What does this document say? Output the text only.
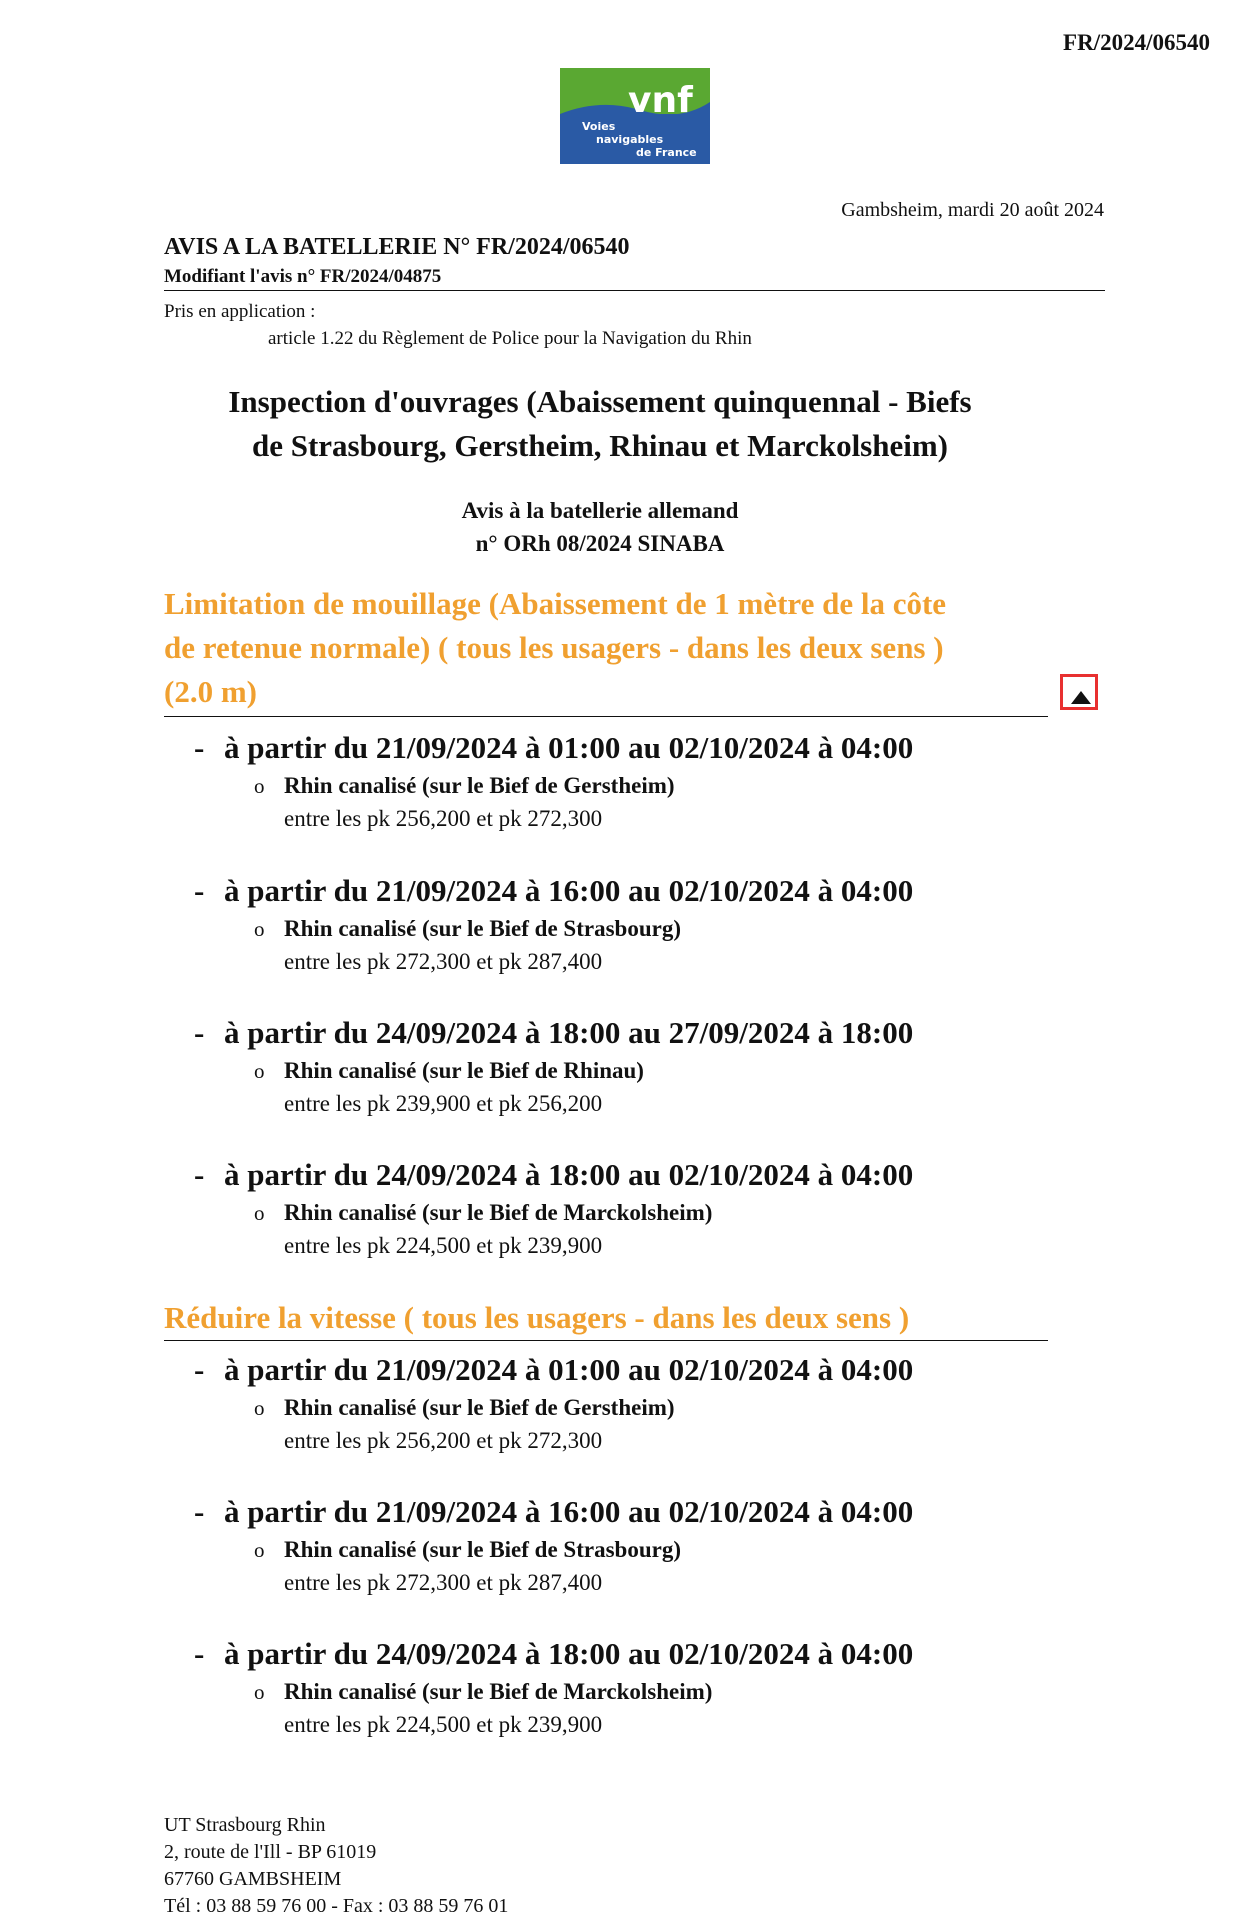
FR/2024/06540
vnf
Voies
navigables
de France
Gambsheim, mardi 20 août 2024
AVIS A LA BATELLERIE N° FR/2024/06540
Modifiant l'avis n° FR/2024/04875
Pris en application :
article 1.22 du Règlement de Police pour la Navigation du Rhin
Inspection d'ouvrages (Abaissement quinquennal - Biefs
de Strasbourg, Gerstheim, Rhinau et Marckolsheim)
Avis à la batellerie allemand
n° ORh 08/2024 SINABA
Limitation de mouillage (Abaissement de 1 mètre de la côte
de retenue normale) ( tous les usagers - dans les deux sens )
(2.0 m)
- à partir du 21/09/2024 à 01:00 au 02/10/2024 à 04:00
o Rhin canalisé (sur le Bief de Gerstheim)
entre les pk 256,200 et pk 272,300
- à partir du 21/09/2024 à 16:00 au 02/10/2024 à 04:00
o Rhin canalisé (sur le Bief de Strasbourg)
entre les pk 272,300 et pk 287,400
- à partir du 24/09/2024 à 18:00 au 27/09/2024 à 18:00
o Rhin canalisé (sur le Bief de Rhinau)
entre les pk 239,900 et pk 256,200
- à partir du 24/09/2024 à 18:00 au 02/10/2024 à 04:00
o Rhin canalisé (sur le Bief de Marckolsheim)
entre les pk 224,500 et pk 239,900
Réduire la vitesse ( tous les usagers - dans les deux sens )
- à partir du 21/09/2024 à 01:00 au 02/10/2024 à 04:00
o Rhin canalisé (sur le Bief de Gerstheim)
entre les pk 256,200 et pk 272,300
- à partir du 21/09/2024 à 16:00 au 02/10/2024 à 04:00
o Rhin canalisé (sur le Bief de Strasbourg)
entre les pk 272,300 et pk 287,400
- à partir du 24/09/2024 à 18:00 au 02/10/2024 à 04:00
o Rhin canalisé (sur le Bief de Marckolsheim)
entre les pk 224,500 et pk 239,900
UT Strasbourg Rhin
2, route de l'Ill - BP 61019
67760 GAMBSHEIM
Tél : 03 88 59 76 00 - Fax : 03 88 59 76 01
